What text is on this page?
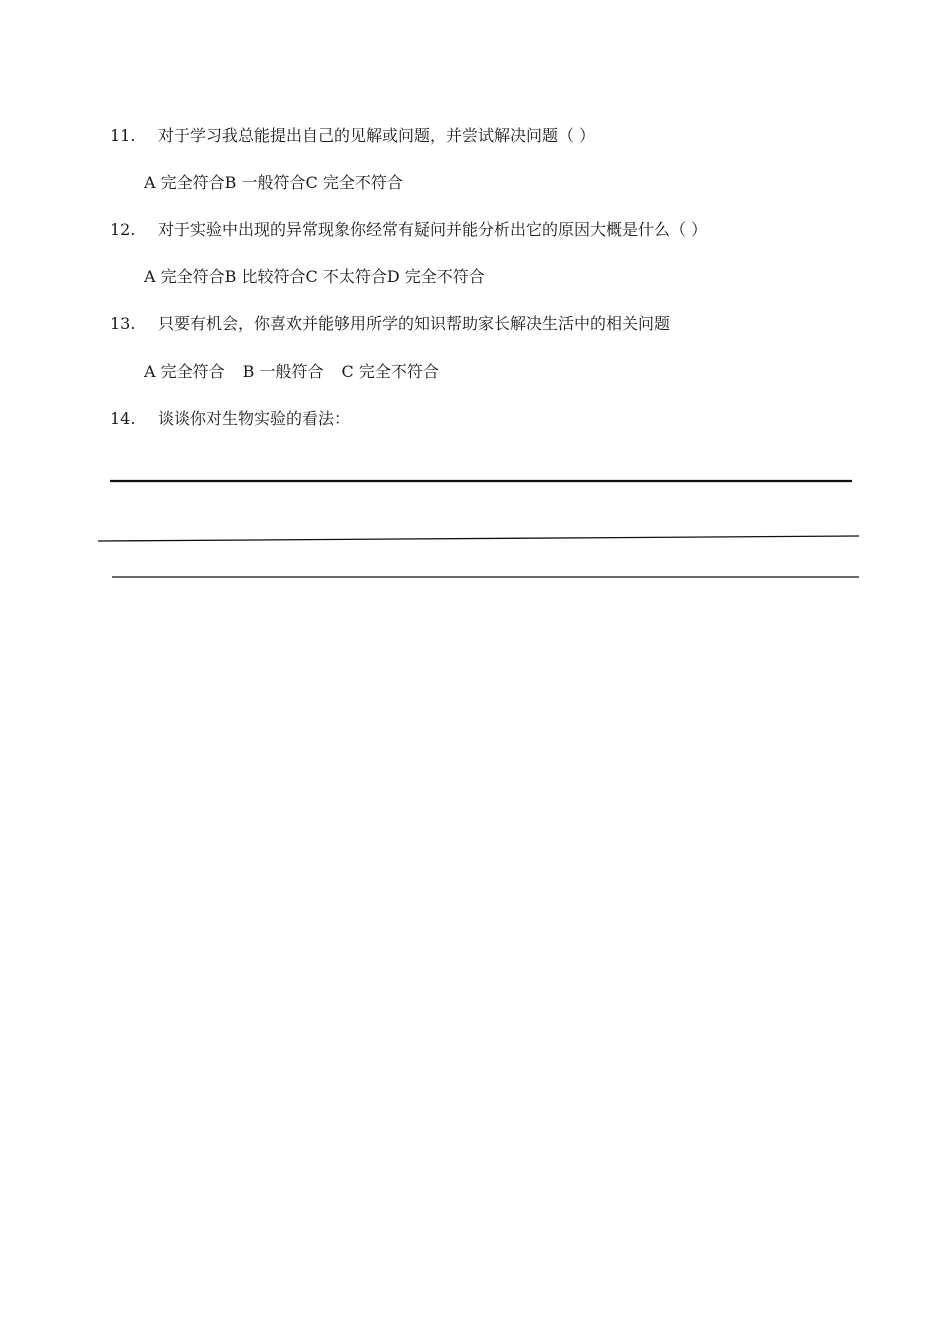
11. 对于学习我总能提出自己的见解或问题，并尝试解决问题（ ）
A 完全符合B 一般符合C 完全不符合
12. 对于实验中出现的异常现象你经常有疑问并能分析出它的原因大概是什么（ ）
A 完全符合B 比较符合C 不太符合D 完全不符合
13. 只要有机会，你喜欢并能够用所学的知识帮助家长解决生活中的相关问题
A 完全符合 B 一般符合 C 完全不符合
14. 谈谈你对生物实验的看法：
